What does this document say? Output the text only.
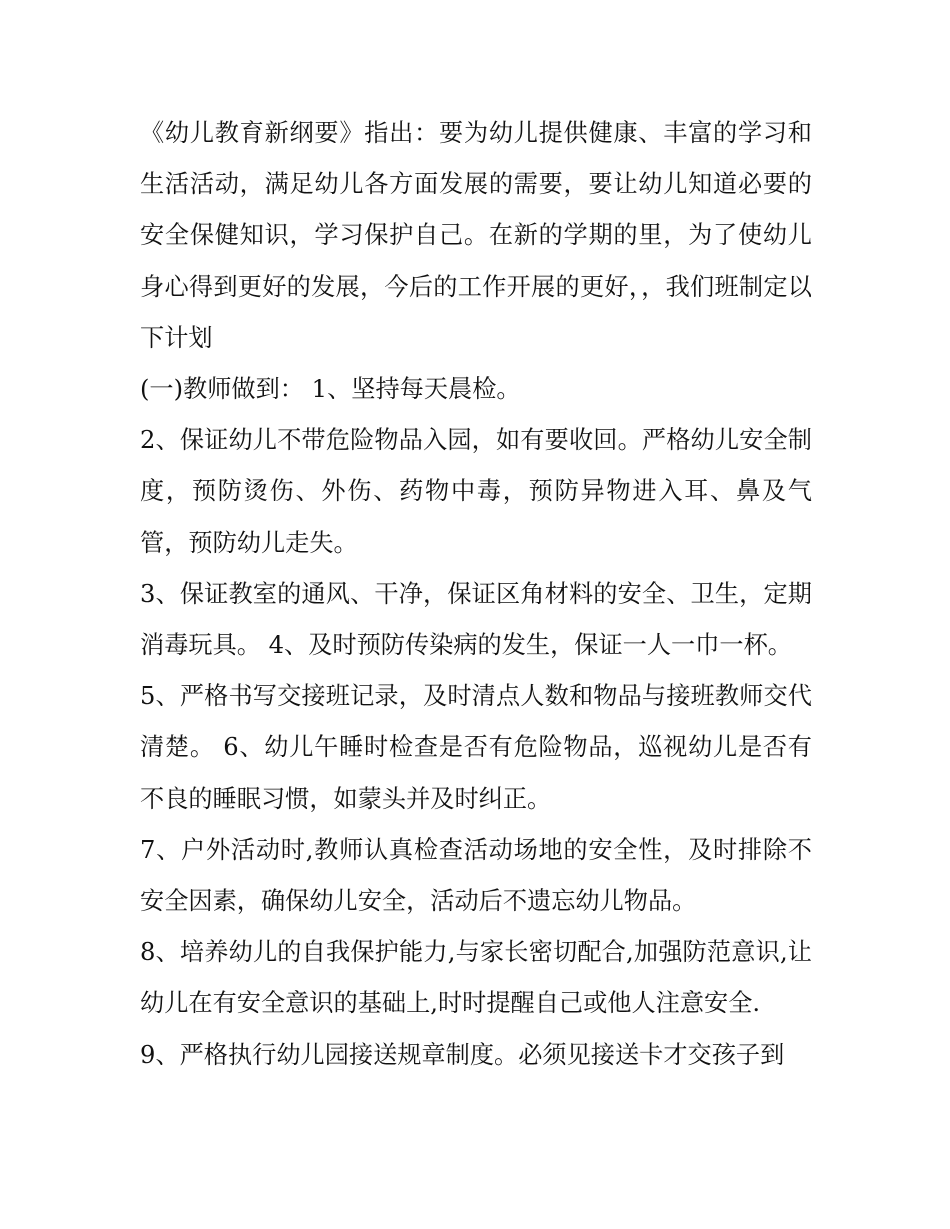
《幼儿教育新纲要》指出：要为幼儿提供健康、丰富的学习和生活活动，满足幼儿各方面发展的需要，要让幼儿知道必要的安全保健知识，学习保护自己。在新的学期的里，为了使幼儿身心得到更好的发展，今后的工作开展的更好，，我们班制定以下计划

(一)教师做到： 1、坚持每天晨检。

2、保证幼儿不带危险物品入园，如有要收回。严格幼儿安全制度，预防烫伤、外伤、药物中毒，预防异物进入耳、鼻及气管，预防幼儿走失。

3、保证教室的通风、干净，保证区角材料的安全、卫生，定期消毒玩具。 4、及时预防传染病的发生，保证一人一巾一杯。

5、严格书写交接班记录，及时清点人数和物品与接班教师交代清楚。 6、幼儿午睡时检查是否有危险物品，巡视幼儿是否有不良的睡眠习惯，如蒙头并及时纠正。

7、户外活动时,教师认真检查活动场地的安全性，及时排除不安全因素，确保幼儿安全，活动后不遗忘幼儿物品。

8、培养幼儿的自我保护能力,与家长密切配合,加强防范意识,让幼儿在有安全意识的基础上,时时提醒自己或他人注意安全.

9、严格执行幼儿园接送规章制度。必须见接送卡才交孩子到
